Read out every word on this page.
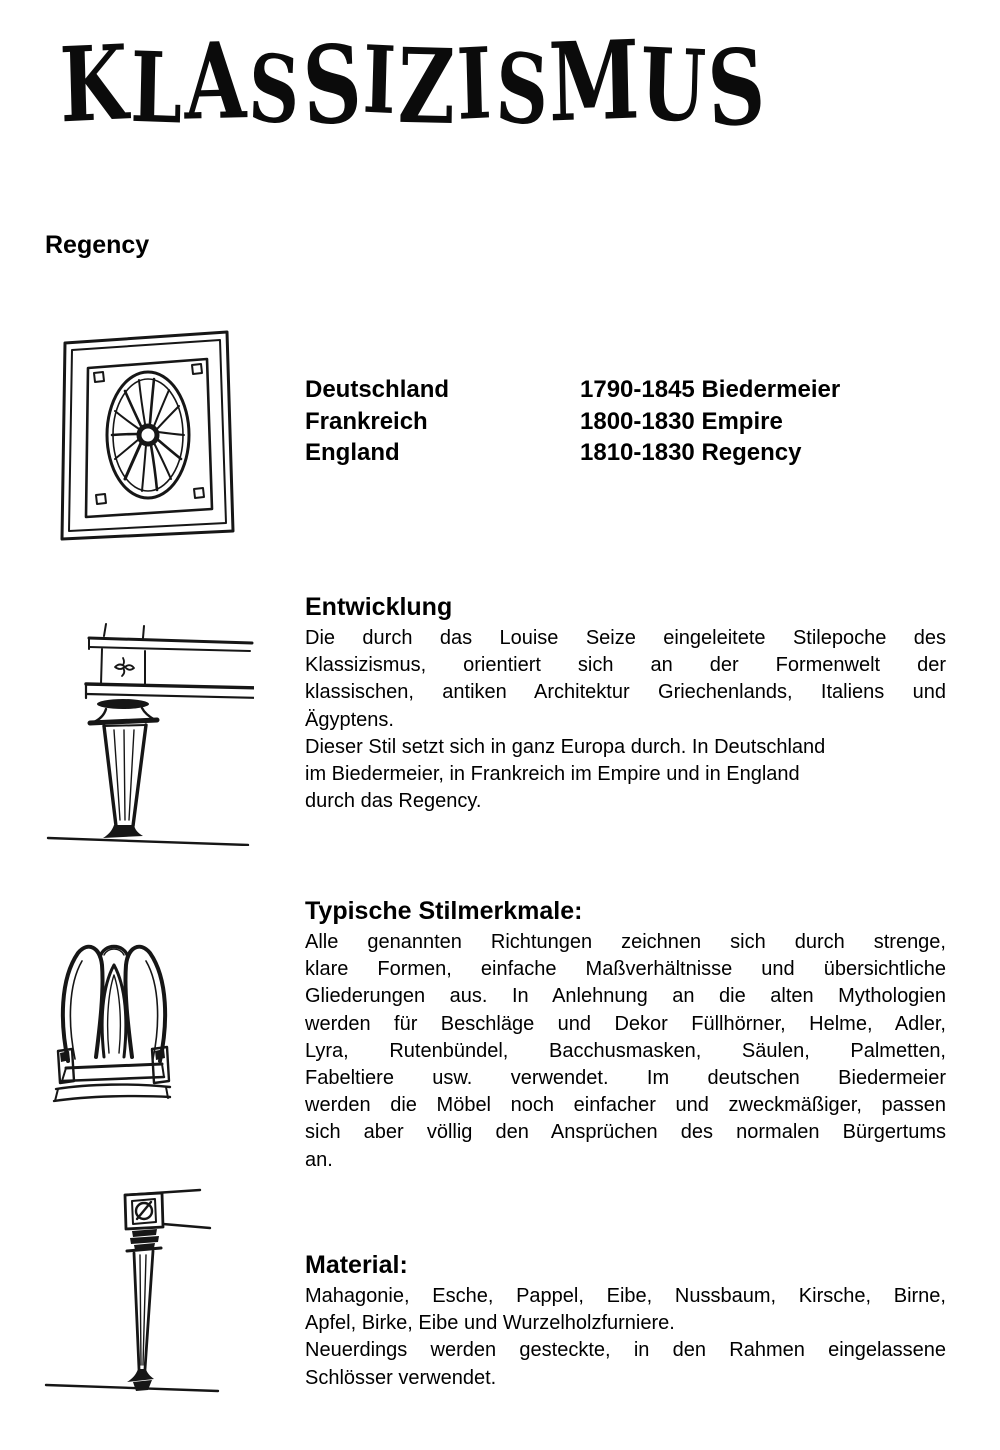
KLASSIZISMUS
Regency
Deutschland	1790-1845 Biedermeier
Frankreich	1800-1830 Empire
England	1810-1830 Regency
Entwicklung
Die durch das Louise Seize eingeleitete Stilepoche des
Klassizismus, orientiert sich an der Formenwelt der
klassischen, antiken Architektur Griechenlands, Italiens und
Ägyptens.
Dieser Stil setzt sich in ganz Europa durch. In Deutschland
im Biedermeier, in Frankreich im Empire und in England
durch das Regency.
Typische Stilmerkmale:
Alle genannten Richtungen zeichnen sich durch strenge,
klare Formen, einfache Maßverhältnisse und übersichtliche
Gliederungen aus. In Anlehnung an die alten Mythologien
werden für Beschläge und Dekor Füllhörner, Helme, Adler,
Lyra, Rutenbündel, Bacchusmasken, Säulen, Palmetten,
Fabeltiere usw. verwendet. Im deutschen Biedermeier
werden die Möbel noch einfacher und zweckmäßiger, passen
sich aber völlig den Ansprüchen des normalen Bürgertums
an.
Material:
Mahagonie, Esche, Pappel, Eibe, Nussbaum, Kirsche, Birne,
Apfel, Birke, Eibe und Wurzelholzfurniere.
Neuerdings werden gesteckte, in den Rahmen eingelassene
Schlösser verwendet.
